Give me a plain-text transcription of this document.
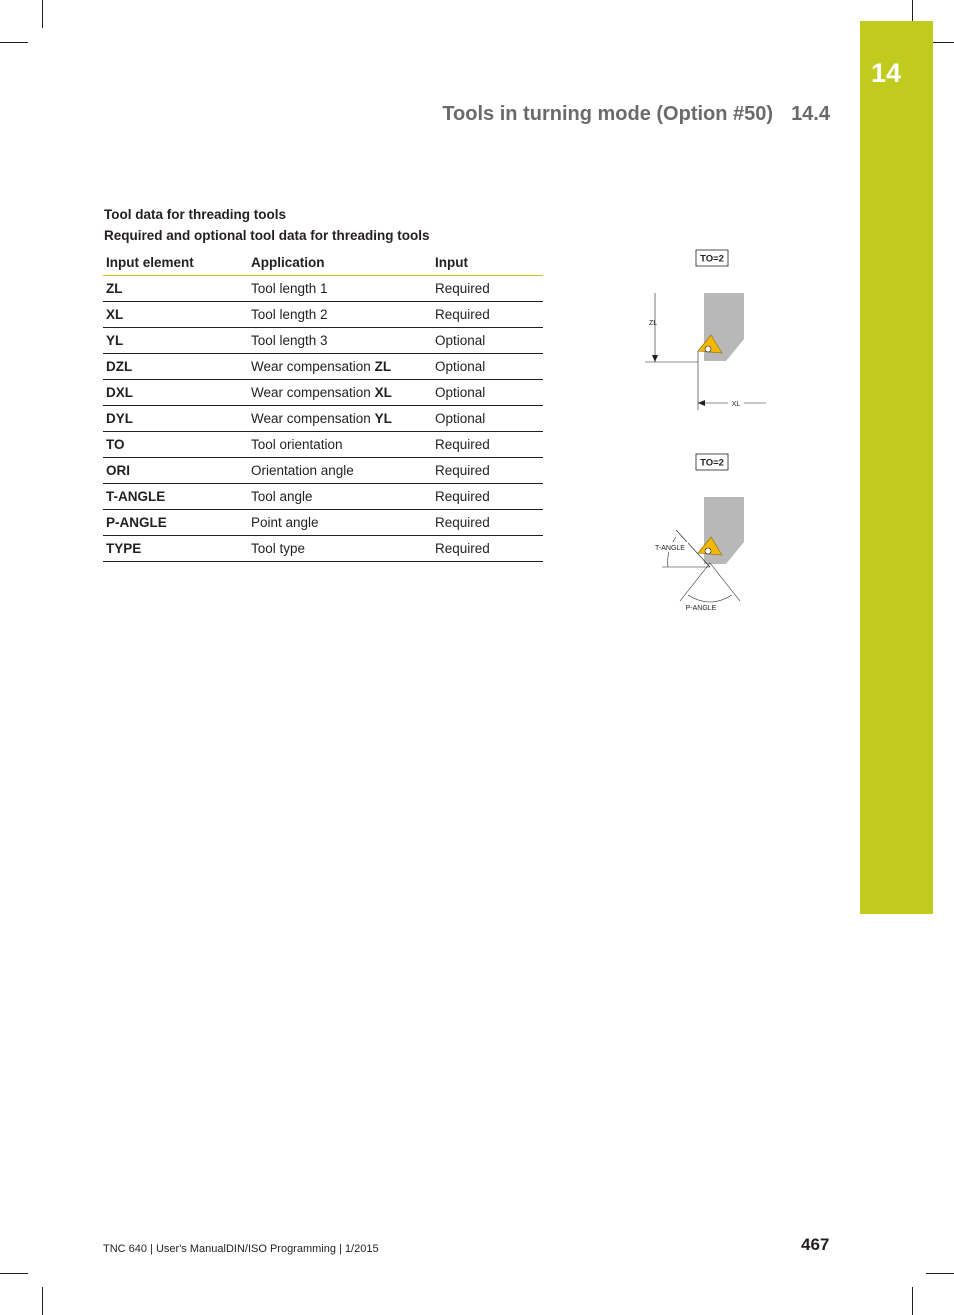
14
Tools in turning mode (Option #50) 14.4
Tool data for threading tools
Required and optional tool data for threading tools
Input element	Application	Input
ZL	Tool length 1	Required
XL	Tool length 2	Required
YL	Tool length 3	Optional
DZL	Wear compensation ZL	Optional
DXL	Wear compensation XL	Optional
DYL	Wear compensation YL	Optional
TO	Tool orientation	Required
ORI	Orientation angle	Required
T-ANGLE	Tool angle	Required
P-ANGLE	Point angle	Required
TYPE	Tool type	Required
TO=2
ZL
XL
TO=2
T-ANGLE
P-ANGLE
TNC 640 | User's ManualDIN/ISO Programming | 1/2015	467
